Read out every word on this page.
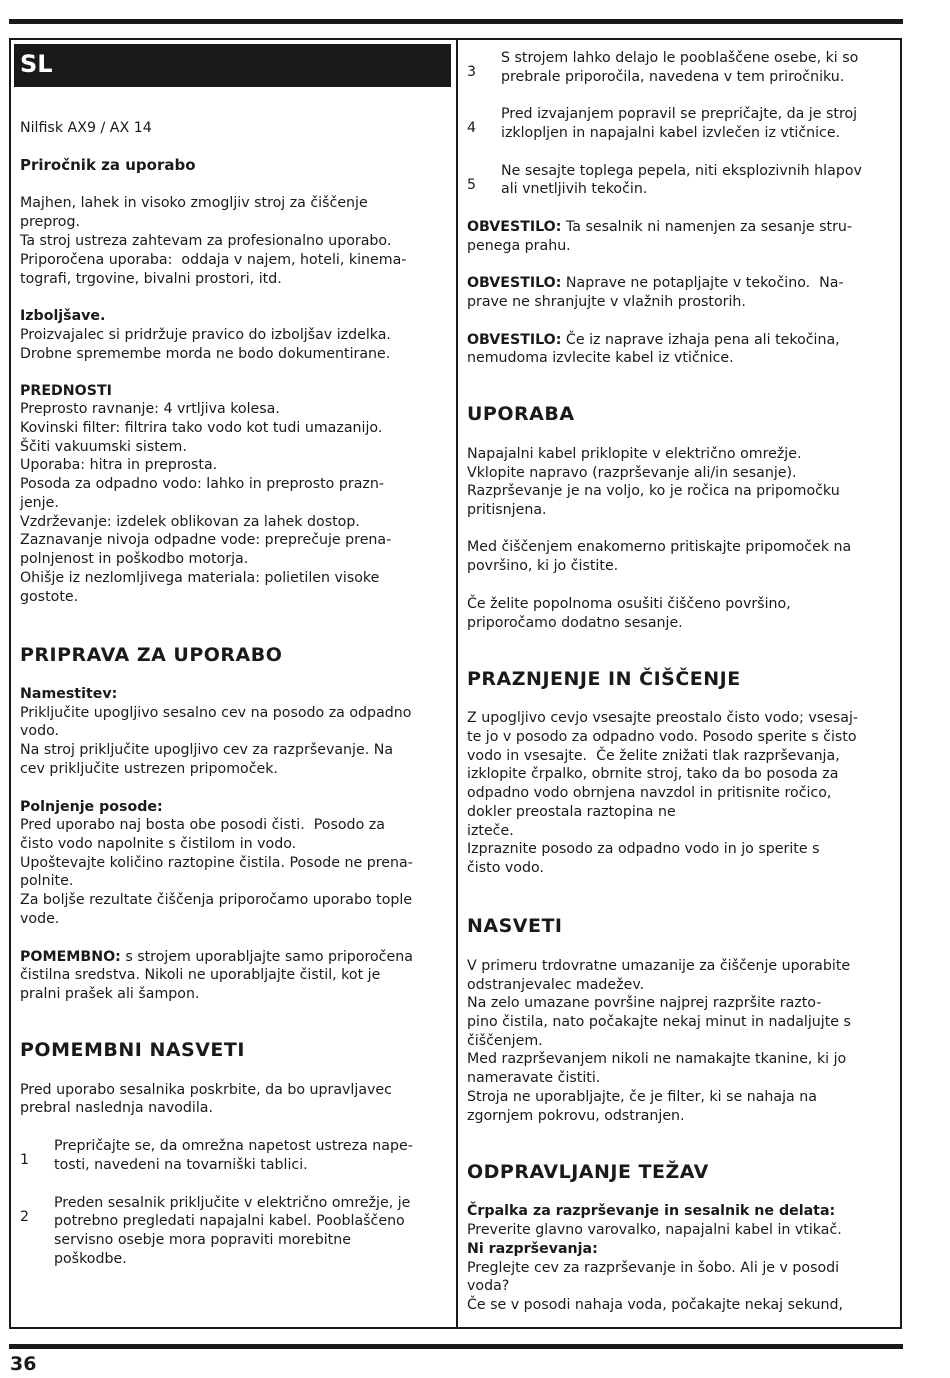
SL

Nilfisk AX9 / AX 14

Priročnik za uporabo

Majhen, lahek in visoko zmogljiv stroj za čiščenje

preprog.

Ta stroj ustreza zahtevam za profesionalno uporabo.

Priporočena uporaba:  oddaja v najem, hoteli, kinema-

tografi, trgovine, bivalni prostori, itd.

Izboljšave.

Proizvajalec si pridržuje pravico do izboljšav izdelka.

Drobne spremembe morda ne bodo dokumentirane.

PREDNOSTI

Preprosto ravnanje: 4 vrtljiva kolesa.

Kovinski filter: filtrira tako vodo kot tudi umazanijo.

Ščiti vakuumski sistem.

Uporaba: hitra in preprosta.

Posoda za odpadno vodo: lahko in preprosto prazn-

jenje.

Vzdrževanje: izdelek oblikovan za lahek dostop.

Zaznavanje nivoja odpadne vode: preprečuje prena-

polnjenost in poškodbo motorja.

Ohišje iz nezlomljivega materiala: polietilen visoke

gostote.

PRIPRAVA ZA UPORABO

Namestitev:

Priključite upogljivo sesalno cev na posodo za odpadno

vodo.

Na stroj priključite upogljivo cev za razprševanje. Na

cev priključite ustrezen pripomoček.

Polnjenje posode:

Pred uporabo naj bosta obe posodi čisti.  Posodo za

čisto vodo napolnite s čistilom in vodo.

Upoštevajte količino raztopine čistila. Posode ne prena-

polnite.

Za boljše rezultate čiščenja priporočamo uporabo tople

vode.

POMEMBNO: s strojem uporabljajte samo priporočena

čistilna sredstva. Nikoli ne uporabljajte čistil, kot je

pralni prašek ali šampon.

POMEMBNI NASVETI

Pred uporabo sesalnika poskrbite, da bo upravljavec

prebral naslednja navodila.

1

Prepričajte se, da omrežna napetost ustreza nape-

tosti, navedeni na tovarniški tablici.

2

Preden sesalnik priključite v električno omrežje, je

potrebno pregledati napajalni kabel. Pooblaščeno

servisno osebje mora popraviti morebitne

poškodbe.

3

S strojem lahko delajo le pooblaščene osebe, ki so

prebrale priporočila, navedena v tem priročniku.

4

Pred izvajanjem popravil se prepričajte, da je stroj

izklopljen in napajalni kabel izvlečen iz vtičnice.

5

Ne sesajte toplega pepela, niti eksplozivnih hlapov

ali vnetljivih tekočin.

OBVESTILO: Ta sesalnik ni namenjen za sesanje stru-

penega prahu.

OBVESTILO: Naprave ne potapljajte v tekočino.  Na-

prave ne shranjujte v vlažnih prostorih.

OBVESTILO: Če iz naprave izhaja pena ali tekočina,

nemudoma izvlecite kabel iz vtičnice.

UPORABA

Napajalni kabel priklopite v električno omrežje.

Vklopite napravo (razprševanje ali/in sesanje).

Razprševanje je na voljo, ko je ročica na pripomočku

pritisnjena.

Med čiščenjem enakomerno pritiskajte pripomoček na

površino, ki jo čistite.

Če želite popolnoma osušiti čiščeno površino,

priporočamo dodatno sesanje.

PRAZNJENJE IN ČIŠČENJE

Z upogljivo cevjo vsesajte preostalo čisto vodo; vsesaj-

te jo v posodo za odpadno vodo. Posodo sperite s čisto

vodo in vsesajte.  Če želite znižati tlak razprševanja,

izklopite črpalko, obrnite stroj, tako da bo posoda za

odpadno vodo obrnjena navzdol in pritisnite ročico,

dokler preostala raztopina ne

izteče.

Izpraznite posodo za odpadno vodo in jo sperite s

čisto vodo.

NASVETI

V primeru trdovratne umazanije za čiščenje uporabite

odstranjevalec madežev.

Na zelo umazane površine najprej razpršite razto-

pino čistila, nato počakajte nekaj minut in nadaljujte s

čiščenjem.

Med razprševanjem nikoli ne namakajte tkanine, ki jo

nameravate čistiti.

Stroja ne uporabljajte, če je filter, ki se nahaja na

zgornjem pokrovu, odstranjen.

ODPRAVLJANJE TEŽAV

Črpalka za razprševanje in sesalnik ne delata:

Preverite glavno varovalko, napajalni kabel in vtikač.

Ni razprševanja:

Preglejte cev za razprševanje in šobo. Ali je v posodi

voda?

Če se v posodi nahaja voda, počakajte nekaj sekund,

36
